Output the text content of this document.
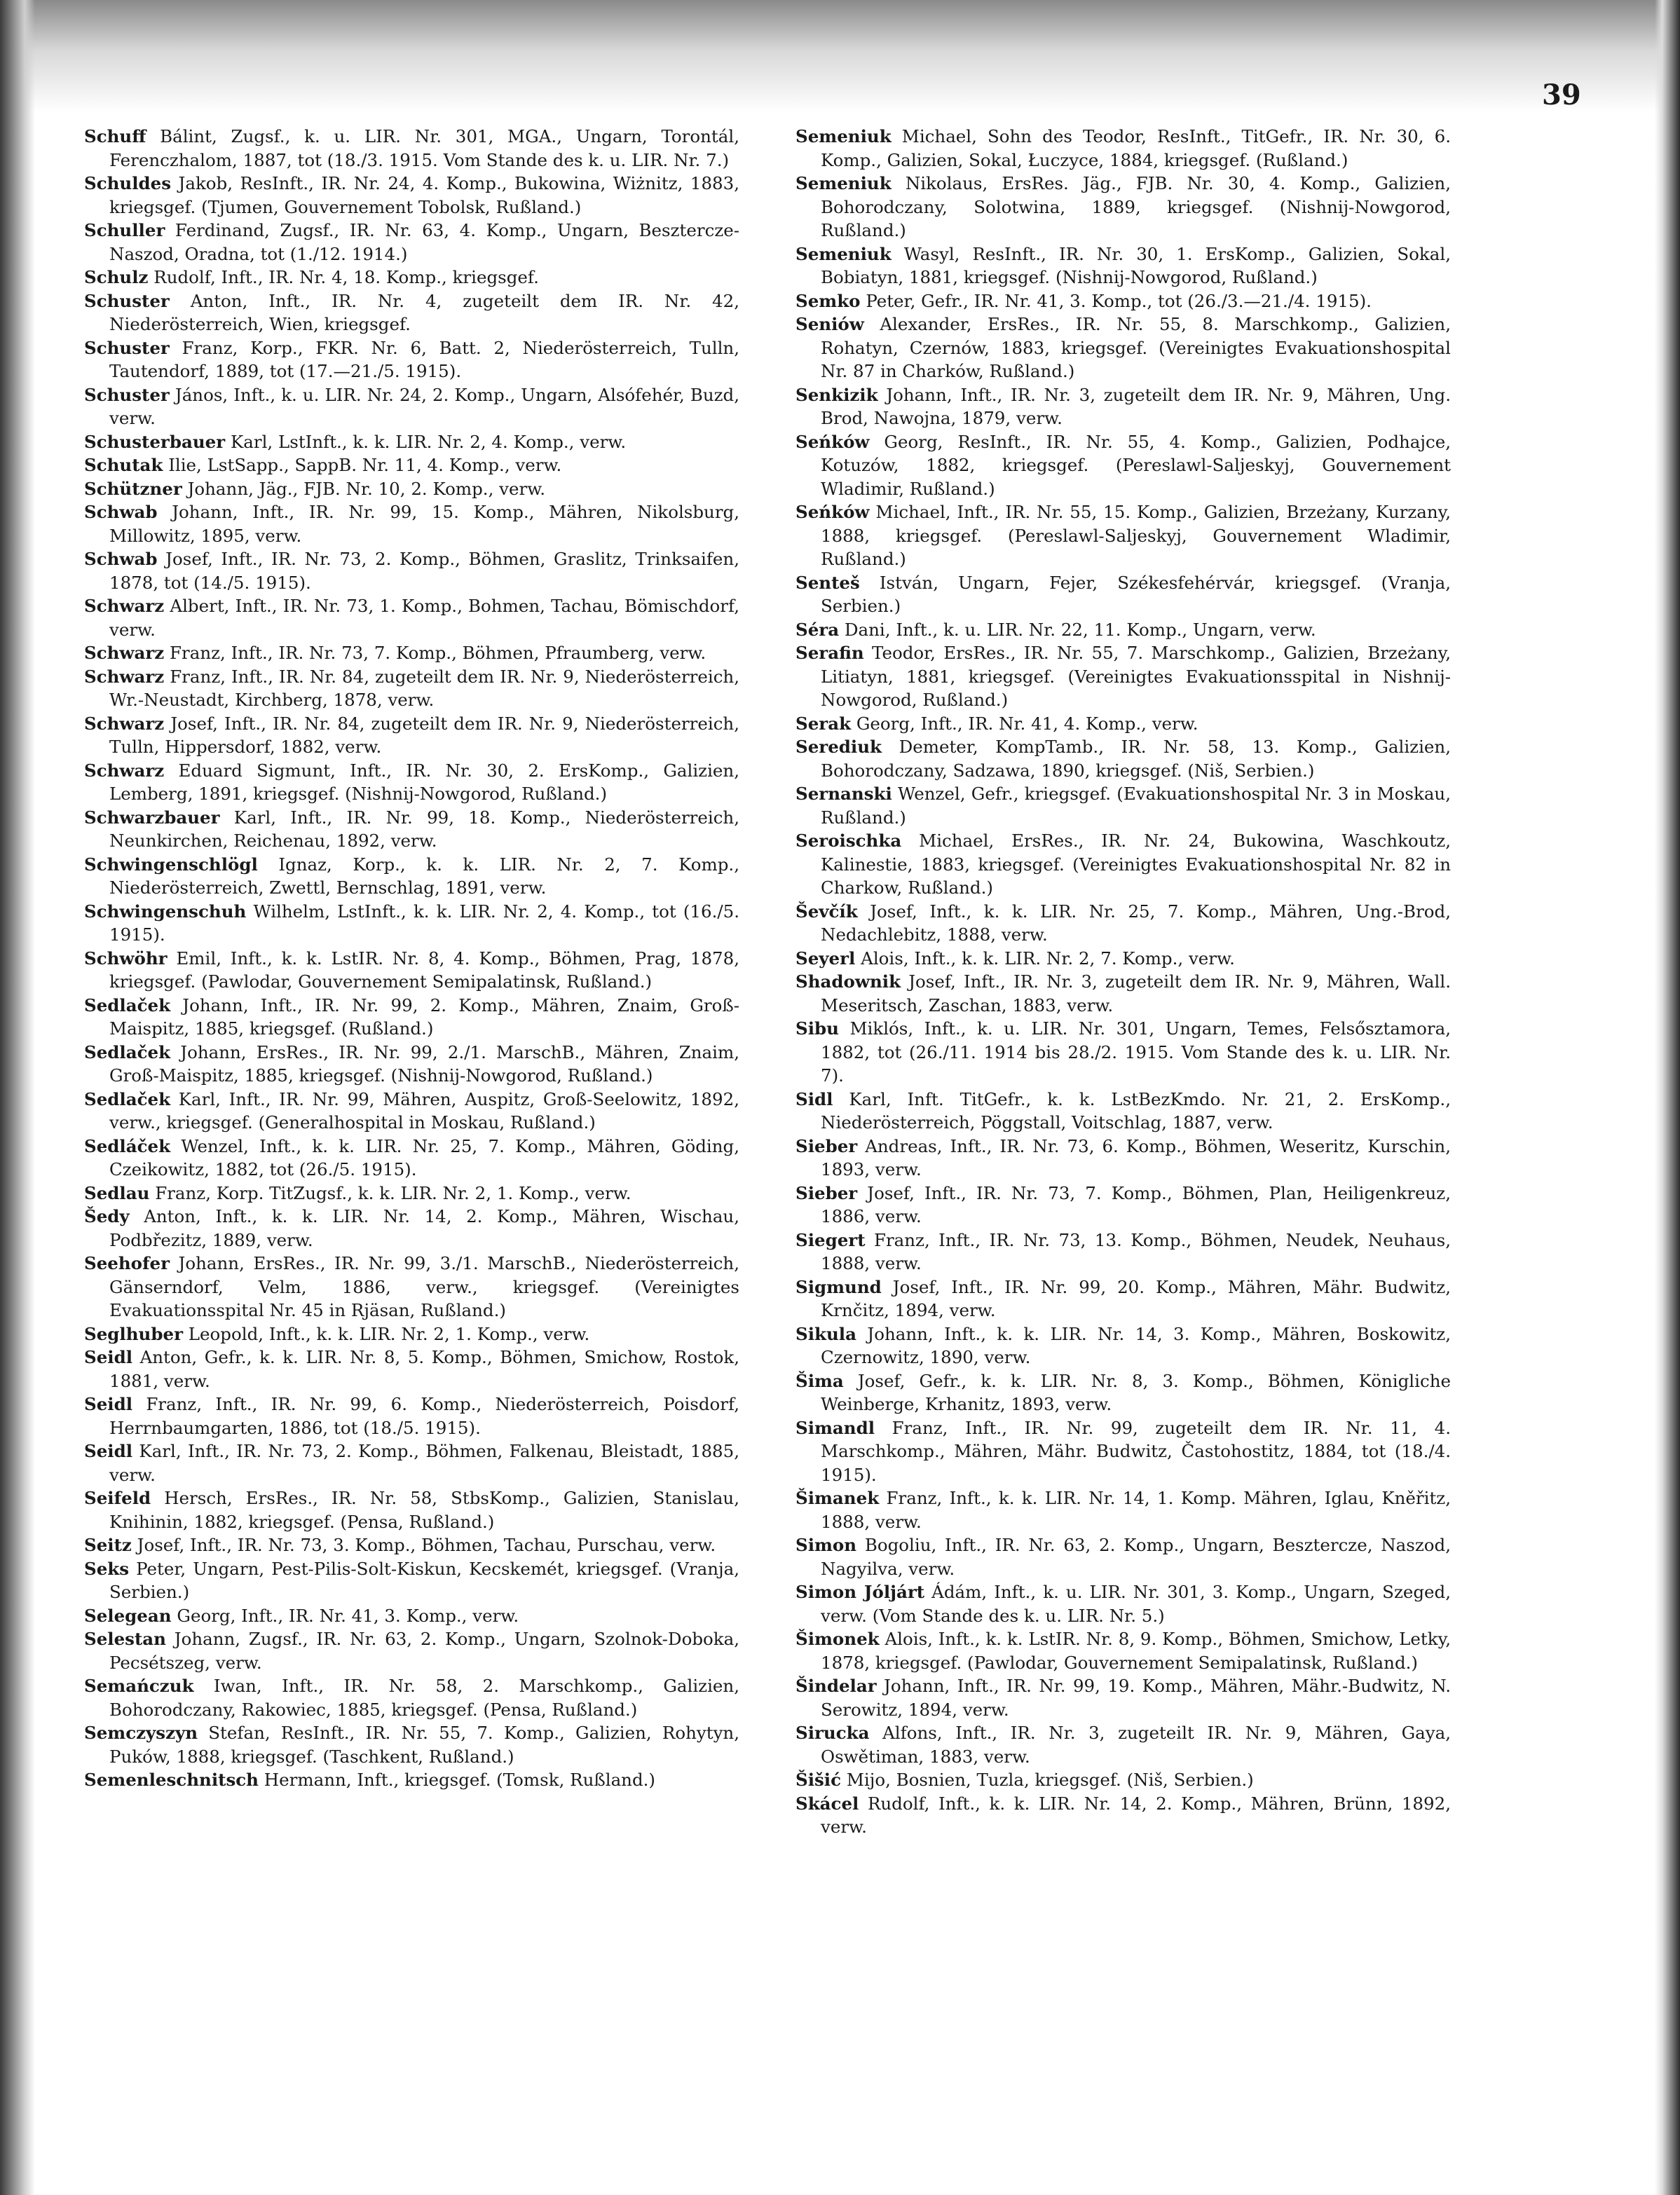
39

Schuff Bálint, Zugsf., k. u. LIR. Nr. 301, MGA., Ungarn, Torontál, Ferenczhalom, 1887, tot (18./3. 1915. Vom Stande des k. u. LIR. Nr. 7.)

Schuldes Jakob, ResInft., IR. Nr. 24, 4. Komp., Bukowina, Wiżnitz, 1883, kriegsgef. (Tjumen, Gouvernement Tobolsk, Rußland.)

Schuller Ferdinand, Zugsf., IR. Nr. 63, 4. Komp., Ungarn, Besztercze-Naszod, Oradna, tot (1./12. 1914.)

Schulz Rudolf, Inft., IR. Nr. 4, 18. Komp., kriegsgef.

Schuster Anton, Inft., IR. Nr. 4, zugeteilt dem IR. Nr. 42, Niederösterreich, Wien, kriegsgef.

Schuster Franz, Korp., FKR. Nr. 6, Batt. 2, Niederösterreich, Tulln, Tautendorf, 1889, tot (17.—21./5. 1915).

Schuster János, Inft., k. u. LIR. Nr. 24, 2. Komp., Ungarn, Alsófehér, Buzd, verw.

Schusterbauer Karl, LstInft., k. k. LIR. Nr. 2, 4. Komp., verw.

Schutak Ilie, LstSapp., SappB. Nr. 11, 4. Komp., verw.

Schützner Johann, Jäg., FJB. Nr. 10, 2. Komp., verw.

Schwab Johann, Inft., IR. Nr. 99, 15. Komp., Mähren, Nikolsburg, Millowitz, 1895, verw.

Schwab Josef, Inft., IR. Nr. 73, 2. Komp., Böhmen, Graslitz, Trinksaifen, 1878, tot (14./5. 1915).

Schwarz Albert, Inft., IR. Nr. 73, 1. Komp., Bohmen, Tachau, Bömischdorf, verw.

Schwarz Franz, Inft., IR. Nr. 73, 7. Komp., Böhmen, Pfraumberg, verw.

Schwarz Franz, Inft., IR. Nr. 84, zugeteilt dem IR. Nr. 9, Niederösterreich, Wr.-Neustadt, Kirchberg, 1878, verw.

Schwarz Josef, Inft., IR. Nr. 84, zugeteilt dem IR. Nr. 9, Niederösterreich, Tulln, Hippersdorf, 1882, verw.

Schwarz Eduard Sigmunt, Inft., IR. Nr. 30, 2. ErsKomp., Galizien, Lemberg, 1891, kriegsgef. (Nishnij-Nowgorod, Rußland.)

Schwarzbauer Karl, Inft., IR. Nr. 99, 18. Komp., Niederösterreich, Neunkirchen, Reichenau, 1892, verw.

Schwingenschlögl Ignaz, Korp., k. k. LIR. Nr. 2, 7. Komp., Niederösterreich, Zwettl, Bernschlag, 1891, verw.

Schwingenschuh Wilhelm, LstInft., k. k. LIR. Nr. 2, 4. Komp., tot (16./5. 1915).

Schwöhr Emil, Inft., k. k. LstIR. Nr. 8, 4. Komp., Böhmen, Prag, 1878, kriegsgef. (Pawlodar, Gouvernement Semipalatinsk, Rußland.)

Sedlaček Johann, Inft., IR. Nr. 99, 2. Komp., Mähren, Znaim, Groß-Maispitz, 1885, kriegsgef. (Rußland.)

Sedlaček Johann, ErsRes., IR. Nr. 99, 2./1. MarschB., Mähren, Znaim, Groß-Maispitz, 1885, kriegsgef. (Nishnij-Nowgorod, Rußland.)

Sedlaček Karl, Inft., IR. Nr. 99, Mähren, Auspitz, Groß-Seelowitz, 1892, verw., kriegsgef. (Generalhospital in Moskau, Rußland.)

Sedláček Wenzel, Inft., k. k. LIR. Nr. 25, 7. Komp., Mähren, Göding, Czeikowitz, 1882, tot (26./5. 1915).

Sedlau Franz, Korp. TitZugsf., k. k. LIR. Nr. 2, 1. Komp., verw.

Šedy Anton, Inft., k. k. LIR. Nr. 14, 2. Komp., Mähren, Wischau, Podbřezitz, 1889, verw.

Seehofer Johann, ErsRes., IR. Nr. 99, 3./1. MarschB., Niederösterreich, Gänserndorf, Velm, 1886, verw., kriegsgef. (Vereinigtes Evakuationsspital Nr. 45 in Rjäsan, Rußland.)

Seglhuber Leopold, Inft., k. k. LIR. Nr. 2, 1. Komp., verw.

Seidl Anton, Gefr., k. k. LIR. Nr. 8, 5. Komp., Böhmen, Smichow, Rostok, 1881, verw.

Seidl Franz, Inft., IR. Nr. 99, 6. Komp., Niederösterreich, Poisdorf, Herrnbaumgarten, 1886, tot (18./5. 1915).

Seidl Karl, Inft., IR. Nr. 73, 2. Komp., Böhmen, Falkenau, Bleistadt, 1885, verw.

Seifeld Hersch, ErsRes., IR. Nr. 58, StbsKomp., Galizien, Stanislau, Knihinin, 1882, kriegsgef. (Pensa, Rußland.)

Seitz Josef, Inft., IR. Nr. 73, 3. Komp., Böhmen, Tachau, Purschau, verw.

Seks Peter, Ungarn, Pest-Pilis-Solt-Kiskun, Kecskemét, kriegsgef. (Vranja, Serbien.)

Selegean Georg, Inft., IR. Nr. 41, 3. Komp., verw.

Selestan Johann, Zugsf., IR. Nr. 63, 2. Komp., Ungarn, Szolnok-Doboka, Pecsétszeg, verw.

Semańczuk Iwan, Inft., IR. Nr. 58, 2. Marschkomp., Galizien, Bohorodczany, Rakowiec, 1885, kriegsgef. (Pensa, Rußland.)

Semczyszyn Stefan, ResInft., IR. Nr. 55, 7. Komp., Galizien, Rohytyn, Puków, 1888, kriegsgef. (Taschkent, Rußland.)

Semenleschnitsch Hermann, Inft., kriegsgef. (Tomsk, Rußland.)

Semeniuk Michael, Sohn des Teodor, ResInft., TitGefr., IR. Nr. 30, 6. Komp., Galizien, Sokal, Łuczyce, 1884, kriegsgef. (Rußland.)

Semeniuk Nikolaus, ErsRes. Jäg., FJB. Nr. 30, 4. Komp., Galizien, Bohorodczany, Solotwina, 1889, kriegsgef. (Nishnij-Nowgorod, Rußland.)

Semeniuk Wasyl, ResInft., IR. Nr. 30, 1. ErsKomp., Galizien, Sokal, Bobiatyn, 1881, kriegsgef. (Nishnij-Nowgorod, Rußland.)

Semko Peter, Gefr., IR. Nr. 41, 3. Komp., tot (26./3.—21./4. 1915).

Seniów Alexander, ErsRes., IR. Nr. 55, 8. Marschkomp., Galizien, Rohatyn, Czernów, 1883, kriegsgef. (Vereinigtes Evakuationshospital Nr. 87 in Charków, Rußland.)

Senkizik Johann, Inft., IR. Nr. 3, zugeteilt dem IR. Nr. 9, Mähren, Ung. Brod, Nawojna, 1879, verw.

Seńków Georg, ResInft., IR. Nr. 55, 4. Komp., Galizien, Podhajce, Kotuzów, 1882, kriegsgef. (Pereslawl-Saljeskyj, Gouvernement Wladimir, Rußland.)

Seńków Michael, Inft., IR. Nr. 55, 15. Komp., Galizien, Brzeżany, Kurzany, 1888, kriegsgef. (Pereslawl-Saljeskyj, Gouvernement Wladimir, Rußland.)

Senteš István, Ungarn, Fejer, Székesfehérvár, kriegsgef. (Vranja, Serbien.)

Séra Dani, Inft., k. u. LIR. Nr. 22, 11. Komp., Ungarn, verw.

Serafin Teodor, ErsRes., IR. Nr. 55, 7. Marschkomp., Galizien, Brzeżany, Litiatyn, 1881, kriegsgef. (Vereinigtes Evakuationsspital in Nishnij-Nowgorod, Rußland.)

Serak Georg, Inft., IR. Nr. 41, 4. Komp., verw.

Serediuk Demeter, KompTamb., IR. Nr. 58, 13. Komp., Galizien, Bohorodczany, Sadzawa, 1890, kriegsgef. (Niš, Serbien.)

Sernanski Wenzel, Gefr., kriegsgef. (Evakuationshospital Nr. 3 in Moskau, Rußland.)

Seroischka Michael, ErsRes., IR. Nr. 24, Bukowina, Waschkoutz, Kalinestie, 1883, kriegsgef. (Vereinigtes Evakuationshospital Nr. 82 in Charkow, Rußland.)

Ševčík Josef, Inft., k. k. LIR. Nr. 25, 7. Komp., Mähren, Ung.-Brod, Nedachlebitz, 1888, verw.

Seyerl Alois, Inft., k. k. LIR. Nr. 2, 7. Komp., verw.

Shadownik Josef, Inft., IR. Nr. 3, zugeteilt dem IR. Nr. 9, Mähren, Wall. Meseritsch, Zaschan, 1883, verw.

Sibu Miklós, Inft., k. u. LIR. Nr. 301, Ungarn, Temes, Felsősztamora, 1882, tot (26./11. 1914 bis 28./2. 1915. Vom Stande des k. u. LIR. Nr. 7).

Sidl Karl, Inft. TitGefr., k. k. LstBezKmdo. Nr. 21, 2. ErsKomp., Niederösterreich, Pöggstall, Voitschlag, 1887, verw.

Sieber Andreas, Inft., IR. Nr. 73, 6. Komp., Böhmen, Weseritz, Kurschin, 1893, verw.

Sieber Josef, Inft., IR. Nr. 73, 7. Komp., Böhmen, Plan, Heiligenkreuz, 1886, verw.

Siegert Franz, Inft., IR. Nr. 73, 13. Komp., Böhmen, Neudek, Neuhaus, 1888, verw.

Sigmund Josef, Inft., IR. Nr. 99, 20. Komp., Mähren, Mähr. Budwitz, Krnčitz, 1894, verw.

Sikula Johann, Inft., k. k. LIR. Nr. 14, 3. Komp., Mähren, Boskowitz, Czernowitz, 1890, verw.

Šima Josef, Gefr., k. k. LIR. Nr. 8, 3. Komp., Böhmen, Königliche Weinberge, Krhanitz, 1893, verw.

Simandl Franz, Inft., IR. Nr. 99, zugeteilt dem IR. Nr. 11, 4. Marschkomp., Mähren, Mähr. Budwitz, Častohostitz, 1884, tot (18./4. 1915).

Šimanek Franz, Inft., k. k. LIR. Nr. 14, 1. Komp. Mähren, Iglau, Kněřitz, 1888, verw.

Simon Bogoliu, Inft., IR. Nr. 63, 2. Komp., Ungarn, Besztercze, Naszod, Nagyilva, verw.

Simon Jóljárt Ádám, Inft., k. u. LIR. Nr. 301, 3. Komp., Ungarn, Szeged, verw. (Vom Stande des k. u. LIR. Nr. 5.)

Šimonek Alois, Inft., k. k. LstIR. Nr. 8, 9. Komp., Böhmen, Smichow, Letky, 1878, kriegsgef. (Pawlodar, Gouvernement Semipalatinsk, Rußland.)

Šindelar Johann, Inft., IR. Nr. 99, 19. Komp., Mähren, Mähr.-Budwitz, N. Serowitz, 1894, verw.

Sirucka Alfons, Inft., IR. Nr. 3, zugeteilt IR. Nr. 9, Mähren, Gaya, Oswětiman, 1883, verw.

Šišić Mijo, Bosnien, Tuzla, kriegsgef. (Niš, Serbien.)

Skácel Rudolf, Inft., k. k. LIR. Nr. 14, 2. Komp., Mähren, Brünn, 1892, verw.
